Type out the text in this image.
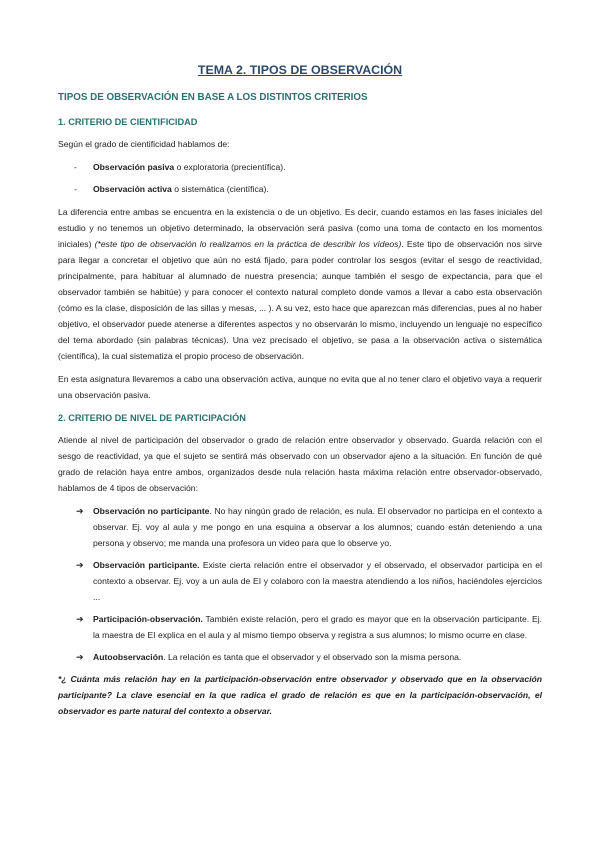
TEMA 2. TIPOS DE OBSERVACIÓN
TIPOS DE OBSERVACIÓN EN BASE A LOS DISTINTOS CRITERIOS
1. CRITERIO DE CIENTIFICIDAD

Según el grado de cientificidad hablamos de:

- Observación pasiva o exploratoria (precientífica).
- Observación activa o sistemática (científica).

La diferencia entre ambas se encuentra en la existencia o de un objetivo. Es decir, cuando estamos en las fases iniciales del estudio y no tenemos un objetivo determinado, la observación será pasiva (como una toma de contacto en los momentos iniciales) (*este tipo de observación lo realizamos en la práctica de describir los vídeos). Este tipo de observación nos sirve para llegar a concretar el objetivo que aún no está fijado, para poder controlar los sesgos (evitar el sesgo de reactividad, principalmente, para habituar al alumnado de nuestra presencia; aunque también el sesgo de expectancia, para que el observador también se habitúe) y para conocer el contexto natural completo donde vamos a llevar a cabo esta observación (cómo es la clase, disposición de las sillas y mesas, ... ). A su vez, esto hace que aparezcan más diferencias, pues al no haber objetivo, el observador puede atenerse a diferentes aspectos y no observarán lo mismo, incluyendo un lenguaje no específico del tema abordado (sin palabras técnicas). Una vez precisado el objetivo, se pasa a la observación activa o sistemática (científica), la cual sistematiza el propio proceso de observación.

En esta asignatura llevaremos a cabo una observación activa, aunque no evita que al no tener claro el objetivo vaya a requerir una observación pasiva.

2. CRITERIO DE NIVEL DE PARTICIPACIÓN

Atiende al nivel de participación del observador o grado de relación entre observador y observado. Guarda relación con el sesgo de reactividad, ya que el sujeto se sentirá más observado con un observador ajeno a la situación. En función de qué grado de relación haya entre ambos, organizados desde nula relación hasta máxima relación entre observador-observado, hablamos de 4 tipos de observación:

➔ Observación no participante. No hay ningún grado de relación, es nula. El observador no participa en el contexto a observar. Ej. voy al aula y me pongo en una esquina a observar a los alumnos; cuando están deteniendo a una persona y observo; me manda una profesora un video para que lo observe yo.
➔ Observación participante. Existe cierta relación entre el observador y el observado, el observador participa en el contexto a observar. Ej. voy a un aula de EI y colaboro con la maestra atendiendo a los niños, haciéndoles ejercicios ...
➔ Participación-observación. También existe relación, pero el grado es mayor que en la observación participante. Ej. la maestra de EI explica en el aula y al mismo tiempo observa y registra a sus alumnos; lo mismo ocurre en clase.
➔ Autoobservación. La relación es tanta que el observador y el observado son la misma persona.

*¿ Cuánta más relación hay en la participación-observación entre observador y observado que en la observación participante? La clave esencial en la que radica el grado de relación es que en la participación-observación, el observador es parte natural del contexto a observar.
